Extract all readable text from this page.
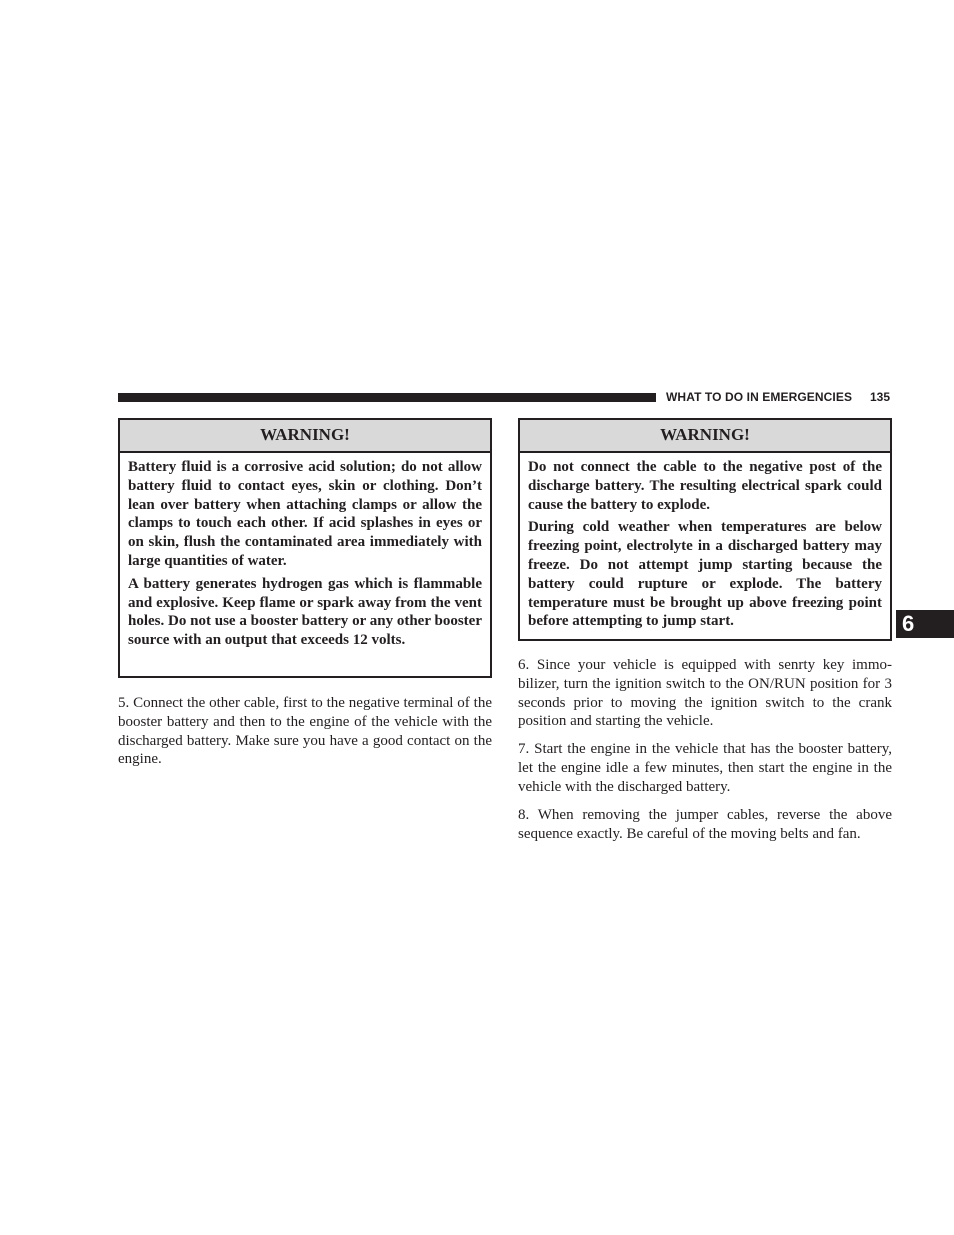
WHAT TO DO IN EMERGENCIES 135
6
WARNING!

Battery fluid is a corrosive acid solution; do not allow battery fluid to contact eyes, skin or clothing. Don’t lean over battery when attaching clamps or allow the clamps to touch each other. If acid splashes in eyes or on skin, flush the contaminated area immediately with large quantities of water.

A battery generates hydrogen gas which is flammable and explosive. Keep flame or spark away from the vent holes. Do not use a booster battery or any other booster source with an output that exceeds 12 volts.

5. Connect the other cable, first to the negative terminal of the booster battery and then to the engine of the vehicle with the discharged battery. Make sure you have a good contact on the engine.

WARNING!

Do not connect the cable to the negative post of the discharge battery. The resulting electrical spark could cause the battery to explode.

During cold weather when temperatures are below freezing point, electrolyte in a discharged battery may freeze. Do not attempt jump starting because the battery could rupture or explode. The battery temperature must be brought up above freezing point before attempting to jump start.

6. Since your vehicle is equipped with senrty key immobilizer, turn the ignition switch to the ON/RUN position for 3 seconds prior to moving the ignition switch to the crank position and starting the vehicle.

7. Start the engine in the vehicle that has the booster battery, let the engine idle a few minutes, then start the engine in the vehicle with the discharged battery.

8. When removing the jumper cables, reverse the above sequence exactly. Be careful of the moving belts and fan.
